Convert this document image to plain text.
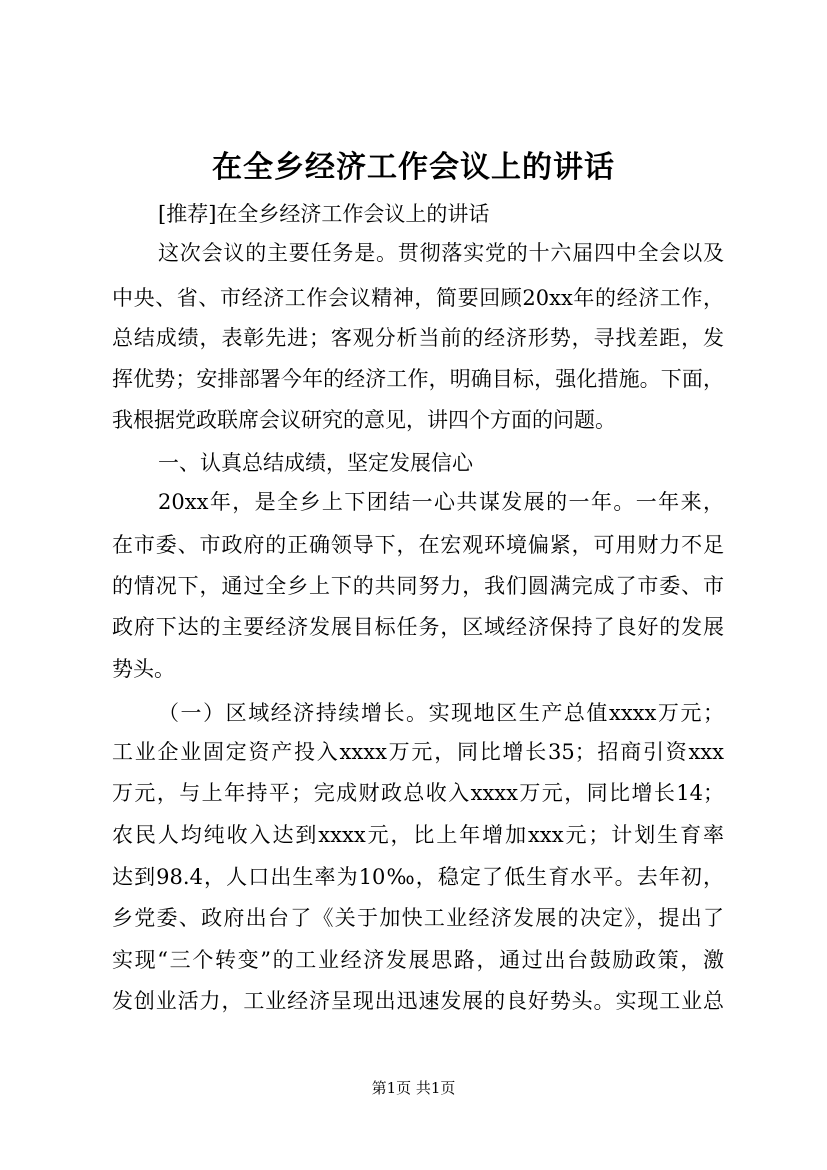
在全乡经济工作会议上的讲话
[推荐]在全乡经济工作会议上的讲话
这次会议的主要任务是。贯彻落实党的十六届四中全会以及
中央、省、市经济工作会议精神，简要回顾20xx年的经济工作，
总结成绩，表彰先进；客观分析当前的经济形势，寻找差距，发
挥优势；安排部署今年的经济工作，明确目标，强化措施。下面，
我根据党政联席会议研究的意见，讲四个方面的问题。
一、认真总结成绩，坚定发展信心
20xx年，是全乡上下团结一心共谋发展的一年。一年来，
在市委、市政府的正确领导下，在宏观环境偏紧，可用财力不足
的情况下，通过全乡上下的共同努力，我们圆满完成了市委、市
政府下达的主要经济发展目标任务，区域经济保持了良好的发展
势头。
（一）区域经济持续增长。实现地区生产总值xxxx万元；
工业企业固定资产投入xxxx万元，同比增长35；招商引资xxx
万元，与上年持平；完成财政总收入xxxx万元，同比增长14；
农民人均纯收入达到xxxx元，比上年增加xxx元；计划生育率
达到98.4，人口出生率为10‰，稳定了低生育水平。去年初，
乡党委、政府出台了《关于加快工业经济发展的决定》，提出了
实现“三个转变”的工业经济发展思路，通过出台鼓励政策，激
发创业活力，工业经济呈现出迅速发展的良好势头。实现工业总
第1页 共1页
